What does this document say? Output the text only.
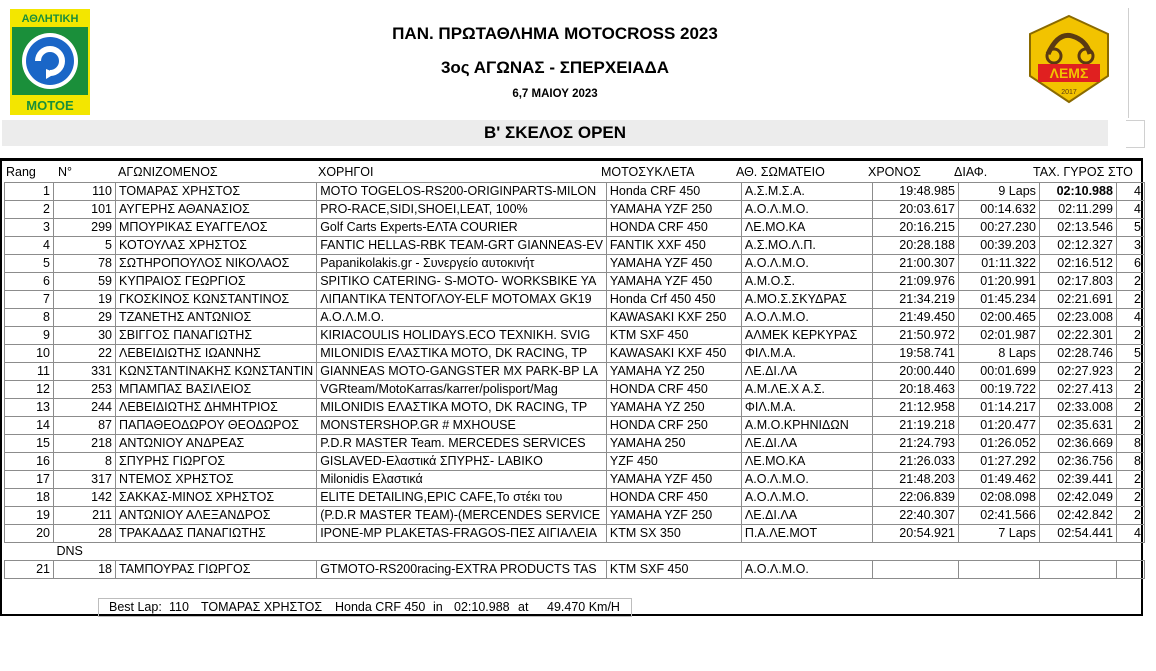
ΑΘΛΗΤΙΚΗ
ΜΟΤΟΕ
ΛΕΜΣ
2017
ΠΑΝ. ΠΡΩΤΑΘΛΗΜΑ MOTOCROSS 2023
3ος ΑΓΩΝΑΣ - ΣΠΕΡΧΕΙΑΔΑ
6,7 ΜΑΙΟΥ 2023
Β' ΣΚΕΛΟΣ OPEN
Rang N°	ΑΓΩΝΙΖΟΜΕΝΟΣ	ΧΟΡΗΓΟΙ	ΜΟΤΟΣΥΚΛΕΤΑ	ΑΘ. ΣΩΜΑΤΕΙΟ	ΧΡΟΝΟΣ	ΔΙΑΦ.	ΤΑΧ. ΓΥΡΟΣ ΣΤΟ
1	110	ΤΟΜΑΡΑΣ ΧΡΗΣΤΟΣ	MOTO TOGELOS-RS200-ORIGINPARTS-MILON	Honda CRF 450	Α.Σ.Μ.Σ.Α.	19:48.985	9 Laps	02:10.988	4
2	101	ΑΥΓΕΡΗΣ ΑΘΑΝΑΣΙΟΣ	PRO-RACE,SIDI,SHOEI,LEAT, 100%	YAMAHA YZF 250	Α.Ο.Λ.Μ.Ο.	20:03.617	00:14.632	02:11.299	4
3	299	ΜΠΟΥΡΙΚΑΣ ΕΥΑΓΓΕΛΟΣ	Golf Carts Experts-ΕΛΤΑ COURIER	HONDA CRF 450	ΛΕ.ΜΟ.ΚΑ	20:16.215	00:27.230	02:13.546	5
4	5	ΚΟΤΟΥΛΑΣ ΧΡΗΣΤΟΣ	FANTIC HELLAS-RBK TEAM-GRT GIANNEAS-EV	FANTIK XXF 450	Α.Σ.ΜΟ.Λ.Π.	20:28.188	00:39.203	02:12.327	3
5	78	ΣΩΤΗΡΟΠΟΥΛΟΣ ΝΙΚΟΛΑΟΣ	Papanikolakis.gr - Συνεργείο αυτοκινήτ	YAMAHA YZF 450	Α.Ο.Λ.Μ.Ο.	21:00.307	01:11.322	02:16.512	6
6	59	ΚΥΠΡΑΙΟΣ ΓΕΩΡΓΙΟΣ	SPITIKO CATERING- S-MOTO- WORKSBIKE YA	YAMAHA YZF 450	Α.Μ.Ο.Σ.	21:09.976	01:20.991	02:17.803	2
7	19	ΓΚΟΣΚΙΝΟΣ ΚΩΝΣΤΑΝΤΙΝΟΣ	ΛΙΠΑΝΤΙΚΑ ΤΕΝΤΟΓΛΟΥ-ELF MOTOMAX GK19	Honda Crf 450 450	Α.ΜΟ.Σ.ΣΚΥΔΡΑΣ	21:34.219	01:45.234	02:21.691	2
8	29	ΤΖΑΝΕΤΗΣ ΑΝΤΩΝΙΟΣ	Α.Ο.Λ.Μ.Ο.	KAWASAKI KXF 250	Α.Ο.Λ.Μ.Ο.	21:49.450	02:00.465	02:23.008	4
9	30	ΣΒΙΓΓΟΣ ΠΑΝΑΓΙΩΤΗΣ	KIRIACOULIS HOLIDAYS.ECO ΤΕΧΝΙΚΗ. SVIG	KTM SXF 450	ΑΛΜΕΚ ΚΕΡΚΥΡΑΣ	21:50.972	02:01.987	02:22.301	2
10	22	ΛΕΒΕΙΔΙΩΤΗΣ ΙΩΑΝΝΗΣ	MILONIDIS ΕΛΑΣΤΙΚΑ ΜΟΤΟ, DK RACING, TP	KAWASAKI KXF 450	ΦΙΛ.Μ.Α.	19:58.741	8 Laps	02:28.746	5
11	331	ΚΩΝΣΤΑΝΤΙΝΑΚΗΣ ΚΩΝΣΤΑΝΤΙΝ	GIANNEAS MOTO-GANGSTER MX PARK-BP LA	YAMAHA YZ 250	ΛΕ.ΔΙ.ΛΑ	20:00.440	00:01.699	02:27.923	2
12	253	ΜΠΑΜΠΑΣ ΒΑΣΙΛΕΙΟΣ	VGRteam/MotoKarras/karrer/polisport/Mag	HONDA CRF 450	Α.Μ.ΛΕ.Χ Α.Σ.	20:18.463	00:19.722	02:27.413	2
13	244	ΛΕΒΕΙΔΙΩΤΗΣ ΔΗΜΗΤΡΙΟΣ	MILONIDIS ΕΛΑΣΤΙΚΑ ΜΟΤΟ, DK RACING, TP	YAMAHA YZ 250	ΦΙΛ.Μ.Α.	21:12.958	01:14.217	02:33.008	2
14	87	ΠΑΠΑΘΕΟΔΩΡΟΥ ΘΕΟΔΩΡΟΣ	MONSTERSHOP.GR # MXHOUSE	HONDA CRF 250	Α.Μ.Ο.ΚΡΗΝΙΔΩΝ	21:19.218	01:20.477	02:35.631	2
15	218	ΑΝΤΩΝΙΟΥ ΑΝΔΡΕΑΣ	P.D.R MASTER Team. MERCEDES SERVICES	YAMAHA 250	ΛΕ.ΔΙ.ΛΑ	21:24.793	01:26.052	02:36.669	8
16	8	ΣΠΥΡΗΣ ΓΙΩΡΓΟΣ	GISLAVED-Ελαστικά ΣΠΥΡΗΣ- LABIKO	YZF 450	ΛΕ.ΜΟ.ΚΑ	21:26.033	01:27.292	02:36.756	8
17	317	ΝΤΕΜΟΣ ΧΡΗΣΤΟΣ	Milonidis Ελαστικά	YAMAHA YZF 450	Α.Ο.Λ.Μ.Ο.	21:48.203	01:49.462	02:39.441	2
18	142	ΣΑΚΚΑΣ-ΜΙΝΟΣ ΧΡΗΣΤΟΣ	ELITE DETAILING,EPIC CAFE,Το στέκι του	HONDA CRF 450	Α.Ο.Λ.Μ.Ο.	22:06.839	02:08.098	02:42.049	2
19	211	ΑΝΤΩΝΙΟΥ ΑΛΕΞΑΝΔΡΟΣ	(P.D.R MASTER TEAM)-(MERCENDES SERVICE	YAMAHA YZF 250	ΛΕ.ΔΙ.ΛΑ	22:40.307	02:41.566	02:42.842	2
20	28	ΤΡΑΚΑΔΑΣ ΠΑΝΑΓΙΩΤΗΣ	IPONE-MP PLAKETAS-FRAGOS-ΠΕΣ ΑΙΓΙΑΛΕΙΑ	KTM SX 350	Π.Α.ΛΕ.ΜΟΤ	20:54.921	7 Laps	02:54.441	4
	DNS								
21	18	ΤΑΜΠΟΥΡΑΣ ΓΙΩΡΓΟΣ	GTMOTO-RS200racing-EXTRA PRODUCTS TAS	KTM SXF 450	Α.Ο.Λ.Μ.Ο.				
Best Lap: 110 ΤΟΜΑΡΑΣ ΧΡΗΣΤΟΣ Honda CRF 450 in 02:10.988 at 49.470 Km/H
